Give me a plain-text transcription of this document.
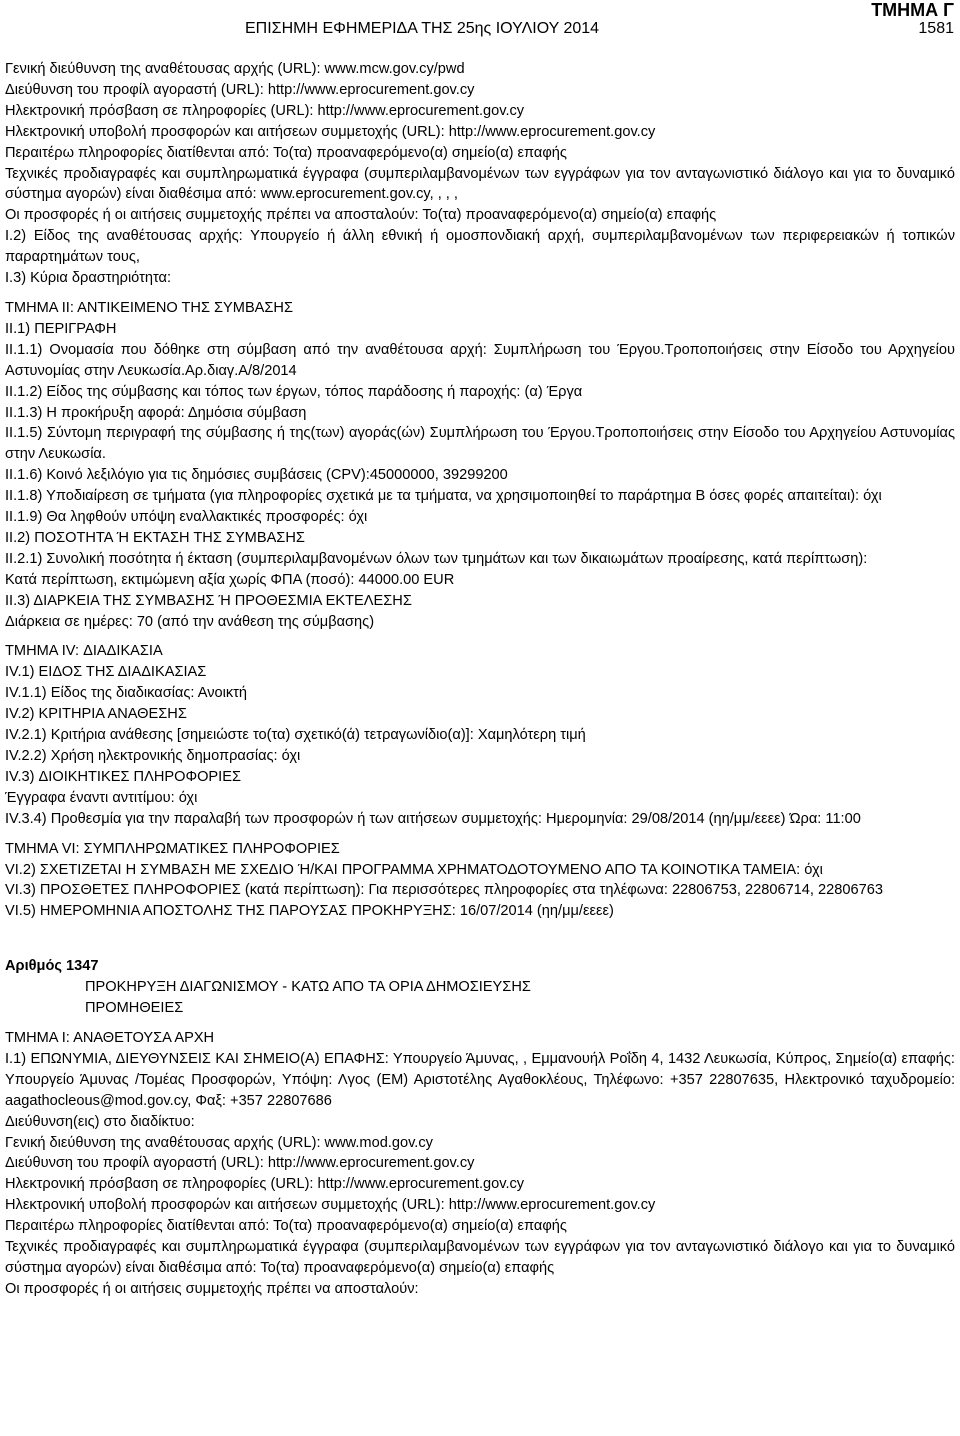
ΤΜΗΜΑ Γ
ΕΠΙΣΗΜΗ ΕΦΗΜΕΡΙΔΑ ΤΗΣ 25ης ΙΟΥΛΙΟΥ 2014	1581

Γενική διεύθυνση της αναθέτουσας αρχής (URL): www.mcw.gov.cy/pwd

Διεύθυνση του προφίλ αγοραστή (URL): http://www.eprocurement.gov.cy

Ηλεκτρονική πρόσβαση σε πληροφορίες (URL): http://www.eprocurement.gov.cy

Ηλεκτρονική υποβολή προσφορών και αιτήσεων συμμετοχής (URL): http://www.eprocurement.gov.cy

Περαιτέρω πληροφορίες διατίθενται από: Το(τα) προαναφερόμενο(α) σημείο(α) επαφής

Τεχνικές προδιαγραφές και συμπληρωματικά έγγραφα (συμπεριλαμβανομένων των εγγράφων για τον ανταγωνιστικό διάλογο και για το δυναμικό σύστημα αγορών) είναι διαθέσιμα από: www.eprocurement.gov.cy, , , ,

Οι προσφορές ή οι αιτήσεις συμμετοχής πρέπει να αποσταλούν: Το(τα) προαναφερόμενο(α) σημείο(α) επαφής

Ι.2) Είδος της αναθέτουσας αρχής: Υπουργείο ή άλλη εθνική ή ομοσπονδιακή αρχή, συμπεριλαμβανομένων των περιφερειακών ή τοπικών παραρτημάτων τους,

Ι.3) Κύρια δραστηριότητα:

ΤΜΗΜΑ ΙΙ: ΑΝΤΙΚΕΙΜΕΝΟ ΤΗΣ ΣΥΜΒΑΣΗΣ

ΙΙ.1) ΠΕΡΙΓΡΑΦΗ

ΙΙ.1.1) Ονομασία που δόθηκε στη σύμβαση από την αναθέτουσα αρχή: Συμπλήρωση του Έργου.Τροποποιήσεις στην Είσοδο του Αρχηγείου Αστυνομίας στην Λευκωσία.Αρ.διαγ.Α/8/2014

ΙΙ.1.2) Είδος της σύμβασης και τόπος των έργων, τόπος παράδοσης ή παροχής: (α) Έργα

ΙΙ.1.3) Η προκήρυξη αφορά: Δημόσια σύμβαση

ΙΙ.1.5) Σύντομη περιγραφή της σύμβασης ή της(των) αγοράς(ών) Συμπλήρωση του Έργου.Τροποποιήσεις στην Είσοδο του Αρχηγείου Αστυνομίας στην Λευκωσία.

ΙΙ.1.6) Κοινό λεξιλόγιο για τις δημόσιες συμβάσεις (CPV):45000000, 39299200

ΙΙ.1.8) Υποδιαίρεση σε τμήματα (για πληροφορίες σχετικά με τα τμήματα, να χρησιμοποιηθεί το παράρτημα Β όσες φορές απαιτείται): όχι

ΙΙ.1.9) Θα ληφθούν υπόψη εναλλακτικές προσφορές: όχι

ΙΙ.2) ΠΟΣΟΤΗΤΑ Ή ΕΚΤΑΣΗ ΤΗΣ ΣΥΜΒΑΣΗΣ

ΙΙ.2.1) Συνολική ποσότητα ή έκταση (συμπεριλαμβανομένων όλων των τμημάτων και των δικαιωμάτων προαίρεσης, κατά περίπτωση):

Κατά περίπτωση, εκτιμώμενη αξία χωρίς ΦΠΑ (ποσό): 44000.00 EUR

ΙΙ.3) ΔΙΑΡΚΕΙΑ ΤΗΣ ΣΥΜΒΑΣΗΣ Ή ΠΡΟΘΕΣΜΙΑ ΕΚΤΕΛΕΣΗΣ

Διάρκεια σε ημέρες: 70 (από την ανάθεση της σύμβασης)

ΤΜΗΜΑ ΙV: ΔΙΑΔΙΚΑΣΙΑ

IV.1) ΕΙΔΟΣ ΤΗΣ ΔΙΑΔΙΚΑΣΙΑΣ

IV.1.1) Είδος της διαδικασίας: Ανοικτή

IV.2) ΚΡΙΤΗΡΙΑ ΑΝΑΘΕΣΗΣ

IV.2.1) Κριτήρια ανάθεσης [σημειώστε το(τα) σχετικό(ά) τετραγωνίδιο(α)]: Χαμηλότερη τιμή

IV.2.2) Χρήση ηλεκτρονικής δημοπρασίας: όχι

IV.3) ΔΙΟΙΚΗΤΙΚΕΣ ΠΛΗΡΟΦΟΡΙΕΣ

Έγγραφα έναντι αντιτίμου: όχι

IV.3.4) Προθεσμία για την παραλαβή των προσφορών ή των αιτήσεων συμμετοχής: Ημερομηνία: 29/08/2014 (ηη/μμ/εεεε) Ώρα: 11:00

ΤΜΗΜΑ VI: ΣΥΜΠΛΗΡΩΜΑΤΙΚΕΣ ΠΛΗΡΟΦΟΡΙΕΣ

VI.2) ΣΧΕΤΙΖΕΤΑΙ Η ΣΥΜΒΑΣΗ ΜΕ ΣΧΕΔΙΟ Ή/ΚΑΙ ΠΡΟΓΡΑΜΜΑ ΧΡΗΜΑΤΟΔΟΤΟΥΜΕΝΟ ΑΠΟ ΤΑ ΚΟΙΝΟΤΙΚΑ ΤΑΜΕΙΑ: όχι

VI.3) ΠΡΟΣΘΕΤΕΣ ΠΛΗΡΟΦΟΡΙΕΣ (κατά περίπτωση): Για περισσότερες πληροφορίες στα τηλέφωνα: 22806753, 22806714, 22806763

VI.5) ΗΜΕΡΟΜΗΝΙΑ ΑΠΟΣΤΟΛΗΣ ΤΗΣ ΠΑΡΟΥΣΑΣ ΠΡΟΚΗΡΥΞΗΣ: 16/07/2014 (ηη/μμ/εεεε)

Αριθμός 1347

ΠΡΟΚΗΡΥΞΗ ΔΙΑΓΩΝΙΣΜΟΥ - ΚΑΤΩ ΑΠΟ ΤΑ ΟΡΙΑ ΔΗΜΟΣΙΕΥΣΗΣ

ΠΡΟΜΗΘΕΙΕΣ

ΤΜΗΜΑ Ι: ΑΝΑΘΕΤΟΥΣΑ ΑΡΧΗ

Ι.1) ΕΠΩΝΥΜΙΑ, ΔΙΕΥΘΥΝΣΕΙΣ ΚΑΙ ΣΗΜΕΙΟ(Α) ΕΠΑΦΗΣ: Υπουργείο Άμυνας, , Εμμανουήλ Ροΐδη 4, 1432 Λευκωσία, Κύπρος, Σημείο(α) επαφής: Υπουργείο Άμυνας /Τομέας Προσφορών, Υπόψη: Λγος (ΕΜ) Αριστοτέλης Αγαθοκλέους, Τηλέφωνο: +357 22807635, Ηλεκτρονικό ταχυδρομείο: aagathocleous@mod.gov.cy, Φαξ: +357 22807686

Διεύθυνση(εις) στο διαδίκτυο:

Γενική διεύθυνση της αναθέτουσας αρχής (URL): www.mod.gov.cy

Διεύθυνση του προφίλ αγοραστή (URL): http://www.eprocurement.gov.cy

Ηλεκτρονική πρόσβαση σε πληροφορίες (URL): http://www.eprocurement.gov.cy

Ηλεκτρονική υποβολή προσφορών και αιτήσεων συμμετοχής (URL): http://www.eprocurement.gov.cy

Περαιτέρω πληροφορίες διατίθενται από: Το(τα) προαναφερόμενο(α) σημείο(α) επαφής

Τεχνικές προδιαγραφές και συμπληρωματικά έγγραφα (συμπεριλαμβανομένων των εγγράφων για τον ανταγωνιστικό διάλογο και για το δυναμικό σύστημα αγορών) είναι διαθέσιμα από: Το(τα) προαναφερόμενο(α) σημείο(α) επαφής

Οι προσφορές ή οι αιτήσεις συμμετοχής πρέπει να αποσταλούν:
